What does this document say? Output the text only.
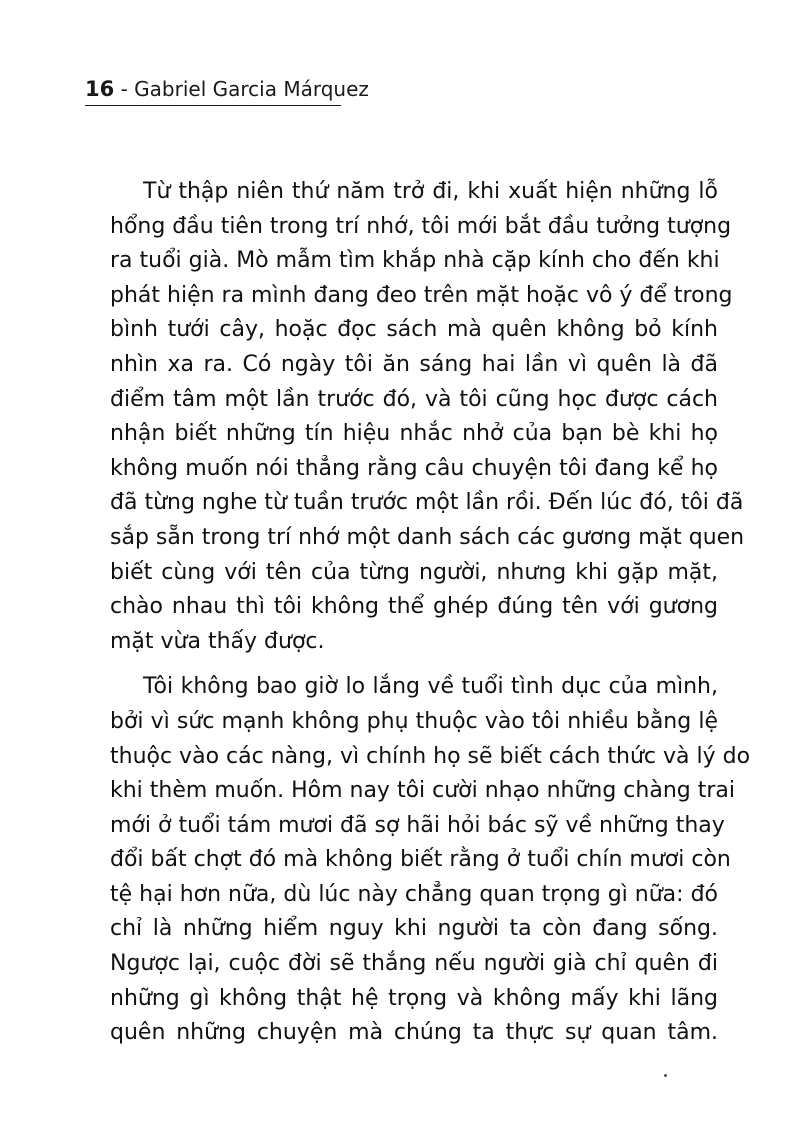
16 - Gabriel Garcia Márquez
Từ thập niên thứ năm trở đi, khi xuất hiện những lỗ
hổng đầu tiên trong trí nhớ, tôi mới bắt đầu tưởng tượng
ra tuổi già. Mò mẫm tìm khắp nhà cặp kính cho đến khi
phát hiện ra mình đang đeo trên mặt hoặc vô ý để trong
bình tưới cây, hoặc đọc sách mà quên không bỏ kính
nhìn xa ra. Có ngày tôi ăn sáng hai lần vì quên là đã
điểm tâm một lần trước đó, và tôi cũng học được cách
nhận biết những tín hiệu nhắc nhở của bạn bè khi họ
không muốn nói thẳng rằng câu chuyện tôi đang kể họ
đã từng nghe từ tuần trước một lần rồi. Đến lúc đó, tôi đã
sắp sẵn trong trí nhớ một danh sách các gương mặt quen
biết cùng với tên của từng người, nhưng khi gặp mặt,
chào nhau thì tôi không thể ghép đúng tên với gương
mặt vừa thấy được.
Tôi không bao giờ lo lắng về tuổi tình dục của mình,
bởi vì sức mạnh không phụ thuộc vào tôi nhiều bằng lệ
thuộc vào các nàng, vì chính họ sẽ biết cách thức và lý do
khi thèm muốn. Hôm nay tôi cười nhạo những chàng trai
mới ở tuổi tám mươi đã sợ hãi hỏi bác sỹ về những thay
đổi bất chợt đó mà không biết rằng ở tuổi chín mươi còn
tệ hại hơn nữa, dù lúc này chẳng quan trọng gì nữa: đó
chỉ là những hiểm nguy khi người ta còn đang sống.
Ngược lại, cuộc đời sẽ thắng nếu người già chỉ quên đi
những gì không thật hệ trọng và không mấy khi lãng
quên những chuyện mà chúng ta thực sự quan tâm.
